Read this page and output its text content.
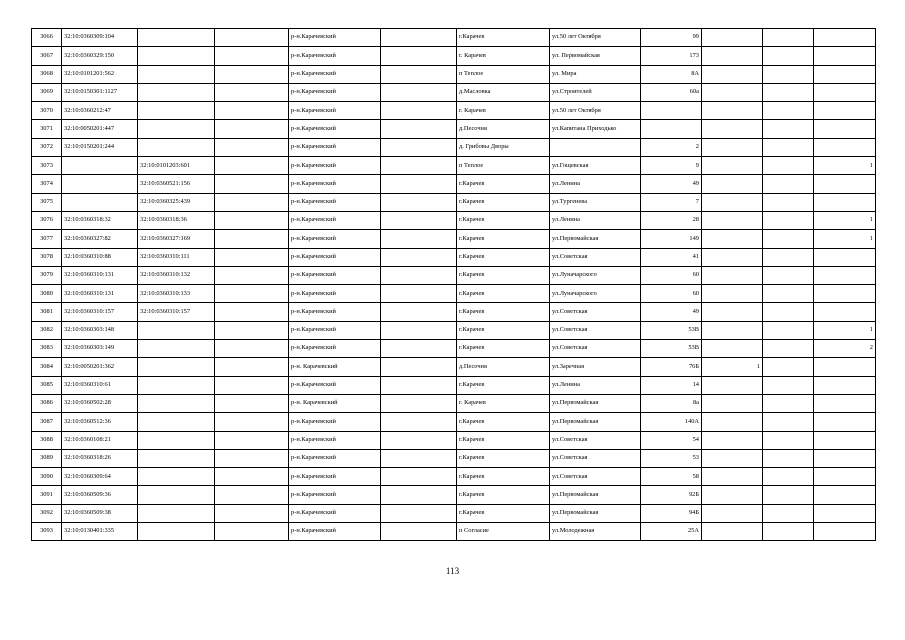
3066	32:10:0360309:104			р-н.Карачевский		г.Карачев	ул.50 лет Октября	99			
3067	32:10:0360329:150			р-н.Карачевский		г. Карачев	ул. Первомайская	173			
3068	32:10:0101201:562			р-н.Карачевский		п Теплое	ул. Мира	8А			
3069	32:10:0150301:1127			р-н.Карачевский		д.Масловка	ул.Строителей	60а			
3070	32:10:0360212:47			р-н.Карачевский		г. Карачев	ул.50 лет Октября				
3071	32:10:0050201:447			р-н.Карачевский		д.Песочня	ул.Капитана Приходько				
3072	32:10:0150201:244			р-н.Карачевский		д. Грибовы Дворы		2			
3073		32:10:0101203:601		р-н.Карачевский		п Теплое	ул.Гощевская	9			1
3074		32:10:0360521:156		р-н.Карачевский		г.Карачев	ул.Ленина	49			
3075		32:10:0360325:439		р-н.Карачевский		г.Карачев	ул.Тургенева	7			
3076	32:10:0360318:32	32:10:0360318:36		р-н.Карачевский		г.Карачев	ул.Ленина	28			1
3077	32:10:0360327:82	32:10:0360327:169		р-н.Карачевский		г.Карачев	ул.Первомайская	149			1
3078	32:10:0360310:88	32:10:0360310:111		р-н.Карачевский		г.Карачев	ул.Советская	41			
3079	32:10:0360310:131	32:10:0360310:132		р-н.Карачевский		г.Карачев	ул.Луначарского	60			
3080	32:10:0360310:131	32:10:0360310:133		р-н.Карачевский		г.Карачев	ул.Луначарского	60			
3081	32:10:0360310:157	32:10:0360310:157		р-н.Карачевский		г.Карачев	ул.Советская	49			
3082	32:10:0360303:148			р-н.Карачевский		г.Карачев	ул.Советская	53В			1
3083	32:10:0360303:149			р-н.Карачевский		г.Карачев	ул.Советская	53В			2
3084	32:10:0050201:362			р-н. Карачевский		д.Песочня	ул.Заречная	76Б	1		
3085	32:10:0360310:61			р-н.Карачевский		г.Карачев	ул.Ленина	14			
3086	32:10:0360502:28			р-н. Карачевский		г. Карачев	ул.Первомайская	8а			
3087	32:10:0360512:36			р-н.Карачевский		г.Карачев	ул.Первомайская	140А			
3088	32:10:0360108:21			р-н.Карачевский		г.Карачев	ул.Советская	54			
3089	32:10:0360318:26			р-н.Карачевский		г.Карачев	ул.Советская	53			
3090	32:10:0360309:64			р-н.Карачевский		г.Карачев	ул.Советская	58			
3091	32:10:0360509:36			р-н.Карачевский		г.Карачев	ул.Первомайская	92Б			
3092	32:10:0360509:38			р-н.Карачевский		г.Карачев	ул.Первомайская	94Б			
3093	32:10:0130401:335			р-н.Карачевский		п Согласие	ул.Молодежная	25А			
113
